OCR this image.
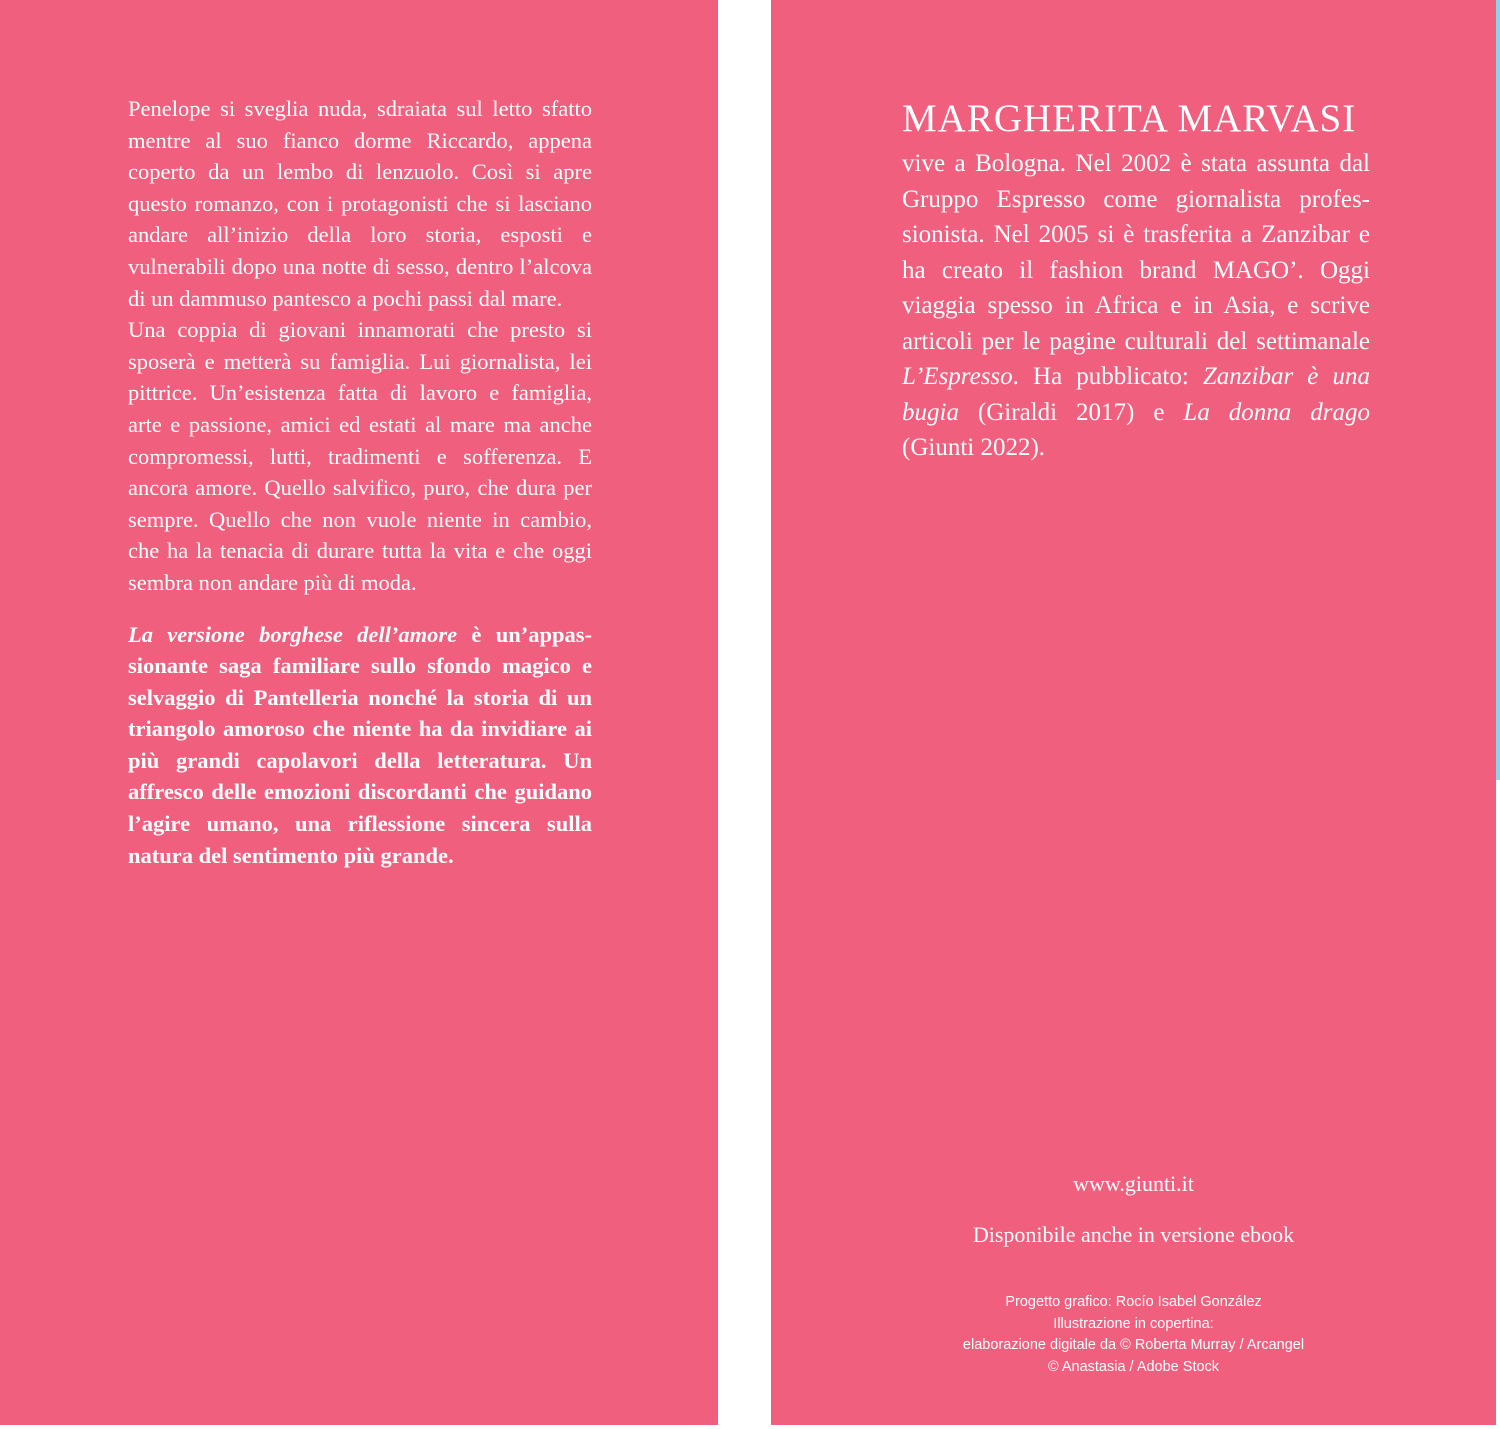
Penelope si sveglia nuda, sdraiata sul letto sfatto mentre al suo fianco dorme Riccardo, appena coperto da un lembo di lenzuolo. Così si apre questo romanzo, con i protagonisti che si lasciano andare all’inizio della loro storia, esposti e vulnerabili dopo una notte di sesso, dentro l’alcova di un dammuso pantesco a pochi passi dal mare.

Una coppia di giovani innamorati che presto si sposerà e metterà su famiglia. Lui giornalista, lei pittrice. Un’esistenza fatta di lavoro e famiglia, arte e passione, amici ed estati al mare ma anche compromessi, lutti, tradimenti e sofferenza. E ancora amore. Quello salvifico, puro, che dura per sempre. Quello che non vuole niente in cambio, che ha la tenacia di durare tutta la vita e che oggi sembra non andare più di moda.

La versione borghese dell’amore è un’appassionante saga familiare sullo sfondo magico e selvaggio di Pantelleria nonché la storia di un triangolo amoroso che niente ha da invidiare ai più grandi capolavori della letteratura. Un affresco delle emozioni discordanti che guidano l’agire umano, una riflessione sincera sulla natura del sentimento più grande.

MARGHERITA MARVASI

vive a Bologna. Nel 2002 è stata assunta dal Gruppo Espresso come giornalista professionista. Nel 2005 si è trasferita a Zanzibar e ha creato il fashion brand MAGO’. Oggi viaggia spesso in Africa e in Asia, e scrive articoli per le pagine culturali del settimanale L’Espresso. Ha pubblicato: Zanzibar è una bugia (Giraldi 2017) e La donna drago (Giunti 2022).

www.giunti.it
Disponibile anche in versione ebook
Progetto grafico: Rocío Isabel González
Illustrazione in copertina:
elaborazione digitale da © Roberta Murray / Arcangel
© Anastasia / Adobe Stock
